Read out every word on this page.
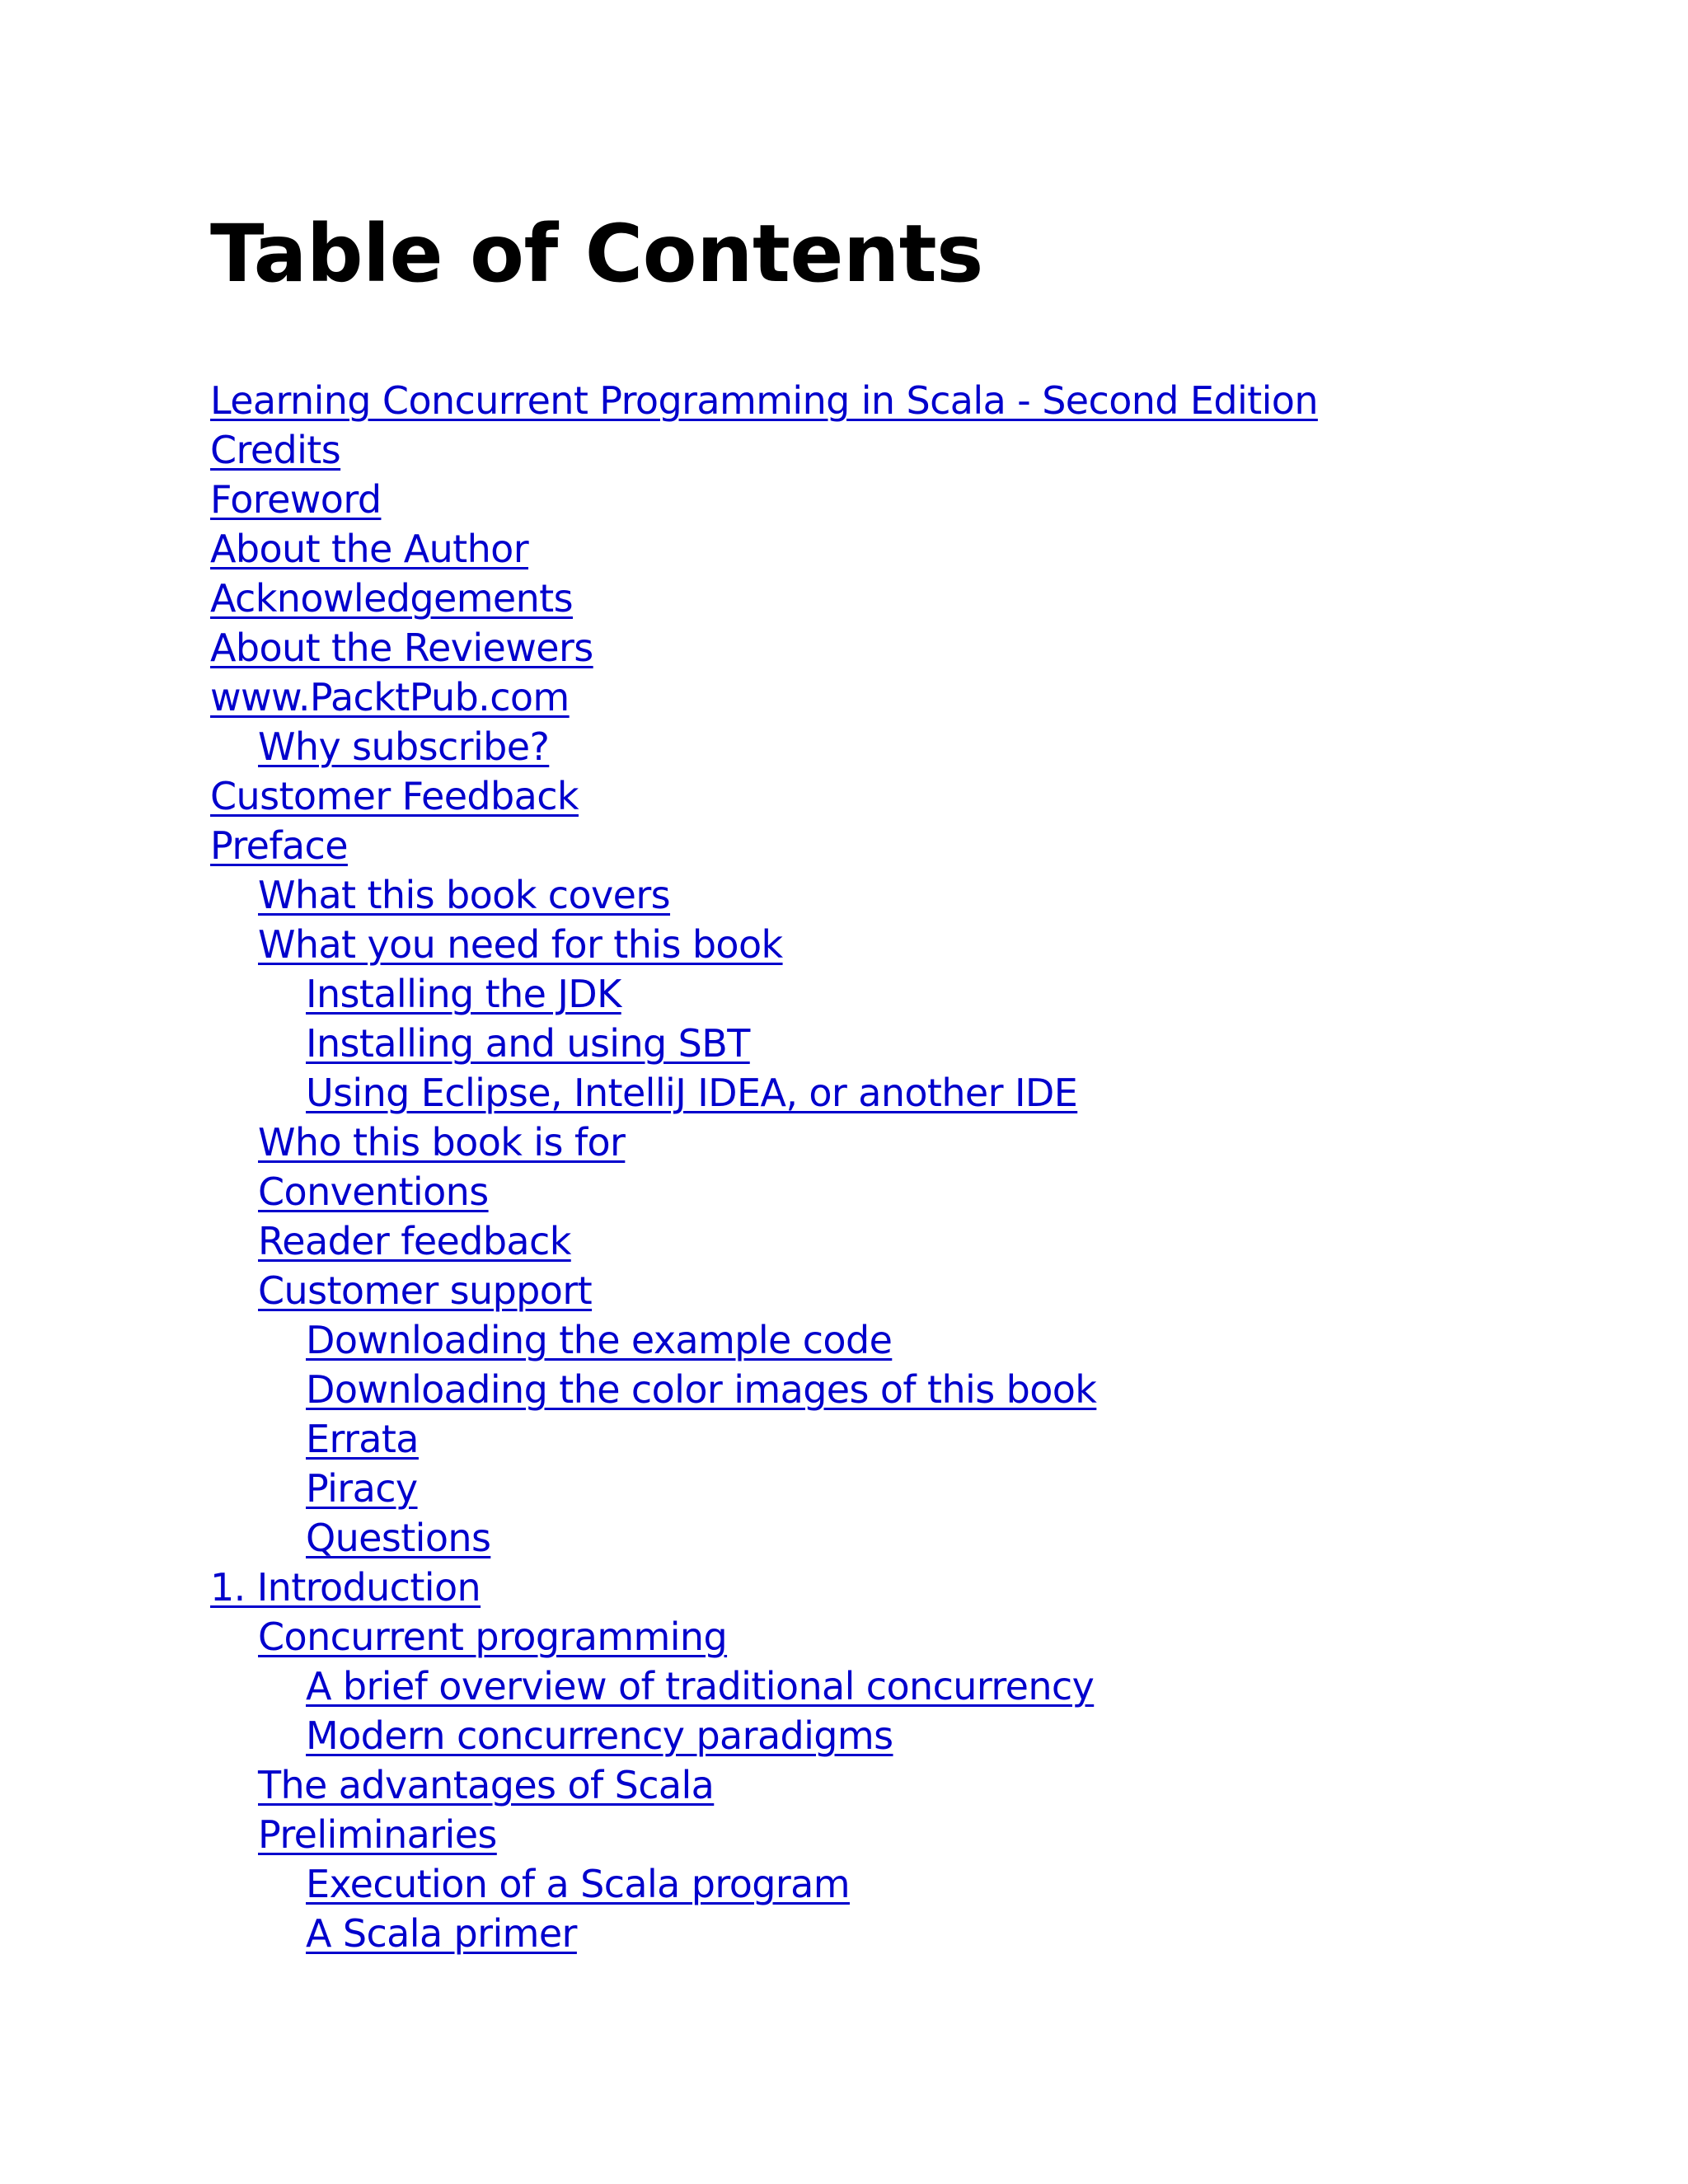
Table of Contents
Learning Concurrent Programming in Scala - Second Edition
Credits
Foreword
About the Author
Acknowledgements
About the Reviewers
www.PacktPub.com
Why subscribe?
Customer Feedback
Preface
What this book covers
What you need for this book
Installing the JDK
Installing and using SBT
Using Eclipse, IntelliJ IDEA, or another IDE
Who this book is for
Conventions
Reader feedback
Customer support
Downloading the example code
Downloading the color images of this book
Errata
Piracy
Questions
1. Introduction
Concurrent programming
A brief overview of traditional concurrency
Modern concurrency paradigms
The advantages of Scala
Preliminaries
Execution of a Scala program
A Scala primer
